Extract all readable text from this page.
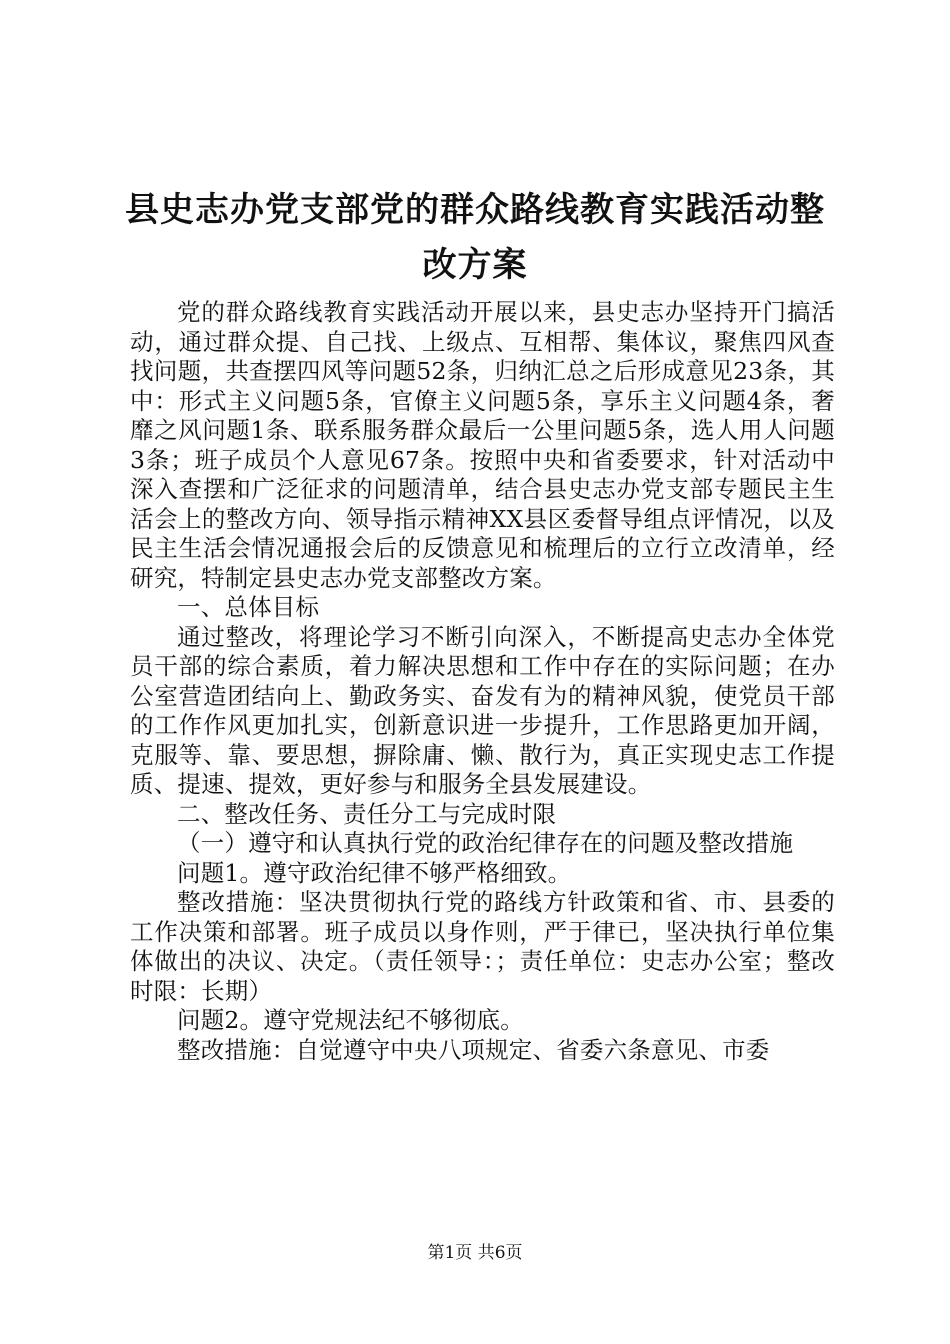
县史志办党支部党的群众路线教育实践活动整
改方案

党的群众路线教育实践活动开展以来，县史志办坚持开门搞活动，通过群众提、自己找、上级点、互相帮、集体议，聚焦四风查找问题，共查摆四风等问题52条，归纳汇总之后形成意见23条，其中：形式主义问题5条，官僚主义问题5条，享乐主义问题4条，奢靡之风问题1条、联系服务群众最后一公里问题5条，选人用人问题3条；班子成员个人意见67条。按照中央和省委要求，针对活动中深入查摆和广泛征求的问题清单，结合县史志办党支部专题民主生活会上的整改方向、领导指示精神XX县区委督导组点评情况，以及民主生活会情况通报会后的反馈意见和梳理后的立行立改清单，经研究，特制定县史志办党支部整改方案。

一、总体目标

通过整改，将理论学习不断引向深入，不断提高史志办全体党员干部的综合素质，着力解决思想和工作中存在的实际问题；在办公室营造团结向上、勤政务实、奋发有为的精神风貌，使党员干部的工作作风更加扎实，创新意识进一步提升，工作思路更加开阔，克服等、靠、要思想，摒除庸、懒、散行为，真正实现史志工作提质、提速、提效，更好参与和服务全县发展建设。

二、整改任务、责任分工与完成时限

（一）遵守和认真执行党的政治纪律存在的问题及整改措施

问题1。遵守政治纪律不够严格细致。

整改措施：坚决贯彻执行党的路线方针政策和省、市、县委的工作决策和部署。班子成员以身作则，严于律已，坚决执行单位集体做出的决议、决定。（责任领导：；责任单位：史志办公室；整改时限：长期）

问题2。遵守党规法纪不够彻底。

整改措施：自觉遵守中央八项规定、省委六条意见、市委

第1页 共6页
